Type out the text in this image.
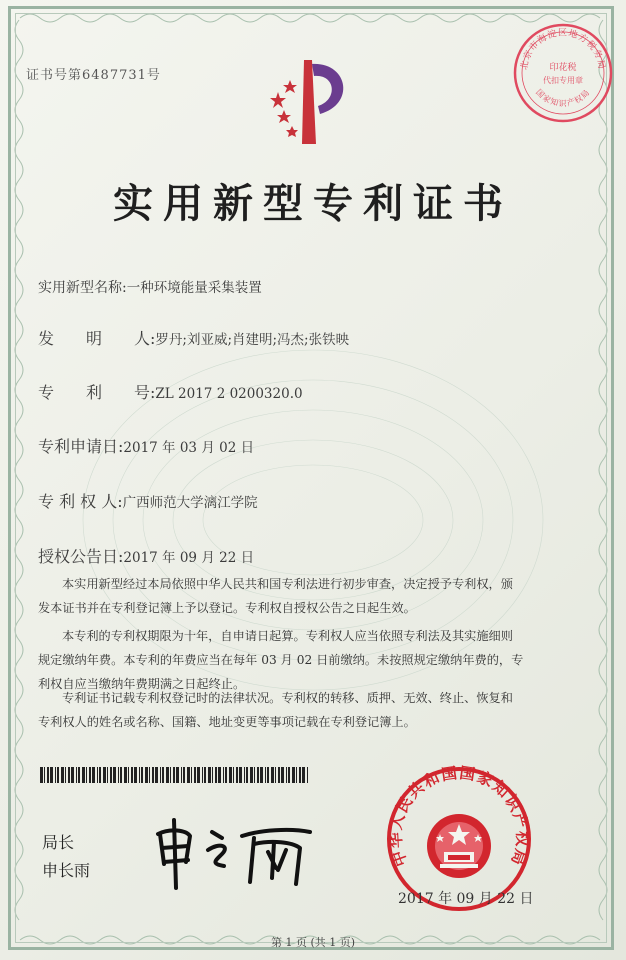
证书号第6487731号
北京市海淀区地方税务局
印花税
代扣专用章
国家知识产权局
实用新型专利证书
实用新型名称:一种环境能量采集装置
发　　明　　人:罗丹;刘亚威;肖建明;冯杰;张铁映
专　　利　　号:ZL 2017 2 0200320.0
专利申请日:2017 年 03 月 02 日
专 利 权 人:广西师范大学漓江学院
授权公告日:2017 年 09 月 22 日
本实用新型经过本局依照中华人民共和国专利法进行初步审查，决定授予专利权，颁
发本证书并在专利登记簿上予以登记。专利权自授权公告之日起生效。
本专利的专利权期限为十年，自申请日起算。专利权人应当依照专利法及其实施细则
规定缴纳年费。本专利的年费应当在每年 03 月 02 日前缴纳。未按照规定缴纳年费的，专
利权自应当缴纳年费期满之日起终止。
专利证书记载专利权登记时的法律状况。专利权的转移、质押、无效、终止、恢复和
专利权人的姓名或名称、国籍、地址变更等事项记载在专利登记簿上。
局长
申长雨
中华人民共和国国家知识产权局
2017 年 09 月 22 日
第 1 页 (共 1 页)
